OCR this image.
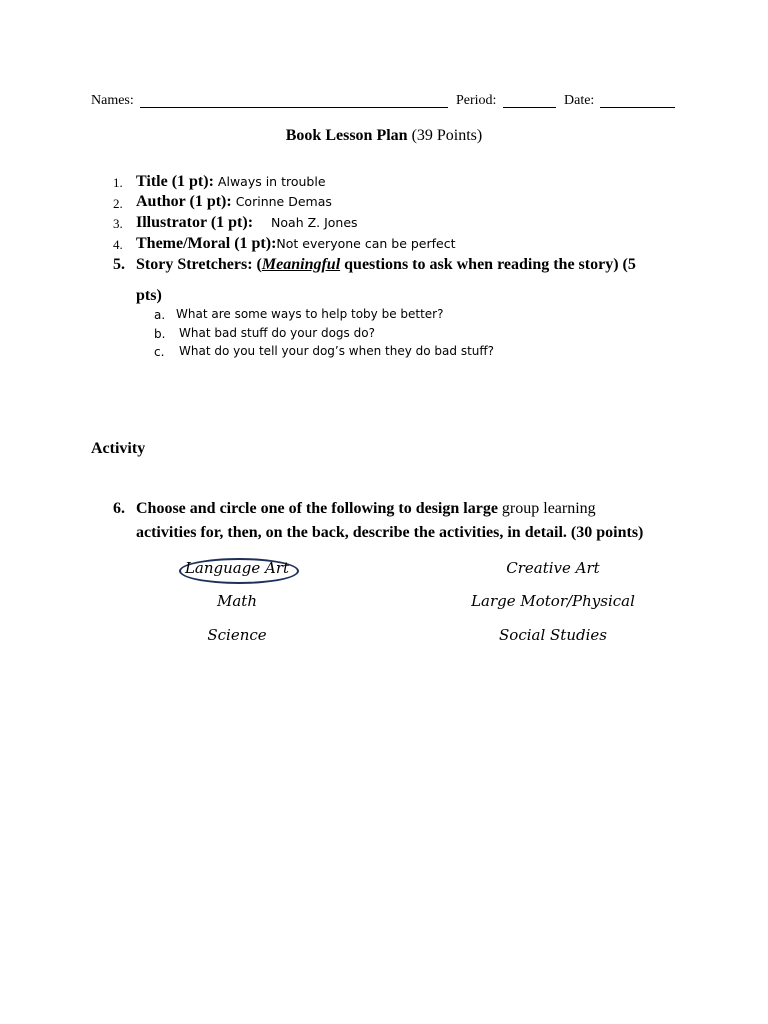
Names:	Period:	Date:
Book Lesson Plan (39 Points)
1. Title (1 pt): Always in trouble
2. Author (1 pt): Corinne Demas
3. Illustrator (1 pt): Noah Z. Jones
4. Theme/Moral (1 pt):Not everyone can be perfect
5. Story Stretchers: (Meaningful questions to ask when reading the story) (5
pts)
a. What are some ways to help toby be better?
b. What bad stuff do your dogs do?
c. What do you tell your dog’s when they do bad stuff?
Activity
6. Choose and circle one of the following to design large group learning
activities for, then, on the back, describe the activities, in detail. (30 points)
Language Art
Math
Science
Creative Art
Large Motor/Physical
Social Studies
